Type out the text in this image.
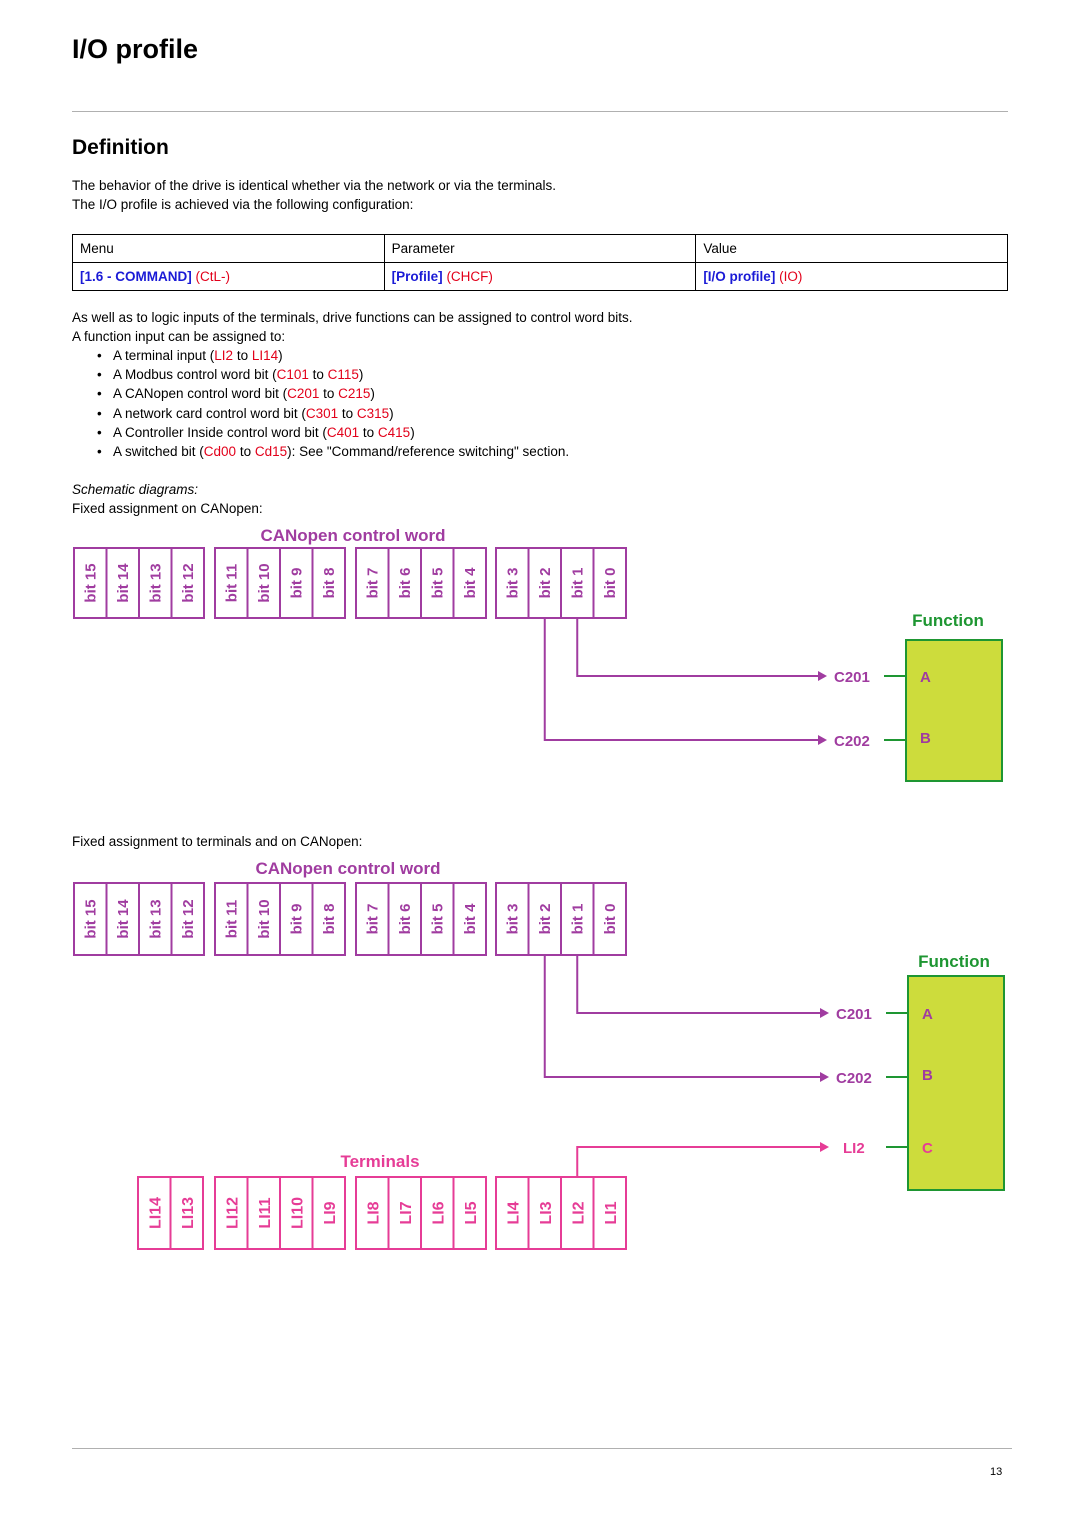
I/O profile
Definition
The behavior of the drive is identical whether via the network or via the terminals.
The I/O profile is achieved via the following configuration:
Menu	Parameter	Value
[1.6 - COMMAND] (CtL-)	[Profile] (CHCF)	[I/O profile] (IO)
As well as to logic inputs of the terminals, drive functions can be assigned to control word bits.
A function input can be assigned to:
• A terminal input (LI2 to LI14)
• A Modbus control word bit (C101 to C115)
• A CANopen control word bit (C201 to C215)
• A network card control word bit (C301 to C315)
• A Controller Inside control word bit (C401 to C415)
• A switched bit (Cd00 to Cd15): See "Command/reference switching" section.
Schematic diagrams:
Fixed assignment on CANopen:
CANopen control word
bit 15 bit 14 bit 13 bit 12 bit 11 bit 10 bit 9 bit 8 bit 7 bit 6 bit 5 bit 4 bit 3 bit 2 bit 1 bit 0
Function
C201	A
C202	B
Fixed assignment to terminals and on CANopen:
CANopen control word
bit 15 bit 14 bit 13 bit 12 bit 11 bit 10 bit 9 bit 8 bit 7 bit 6 bit 5 bit 4 bit 3 bit 2 bit 1 bit 0
Function
Terminals
LI14 LI13 LI12 LI11 LI10 LI9 LI8 LI7 LI6 LI5 LI4 LI3 LI2 LI1
C201	A
C202	B
LI2	C
13
